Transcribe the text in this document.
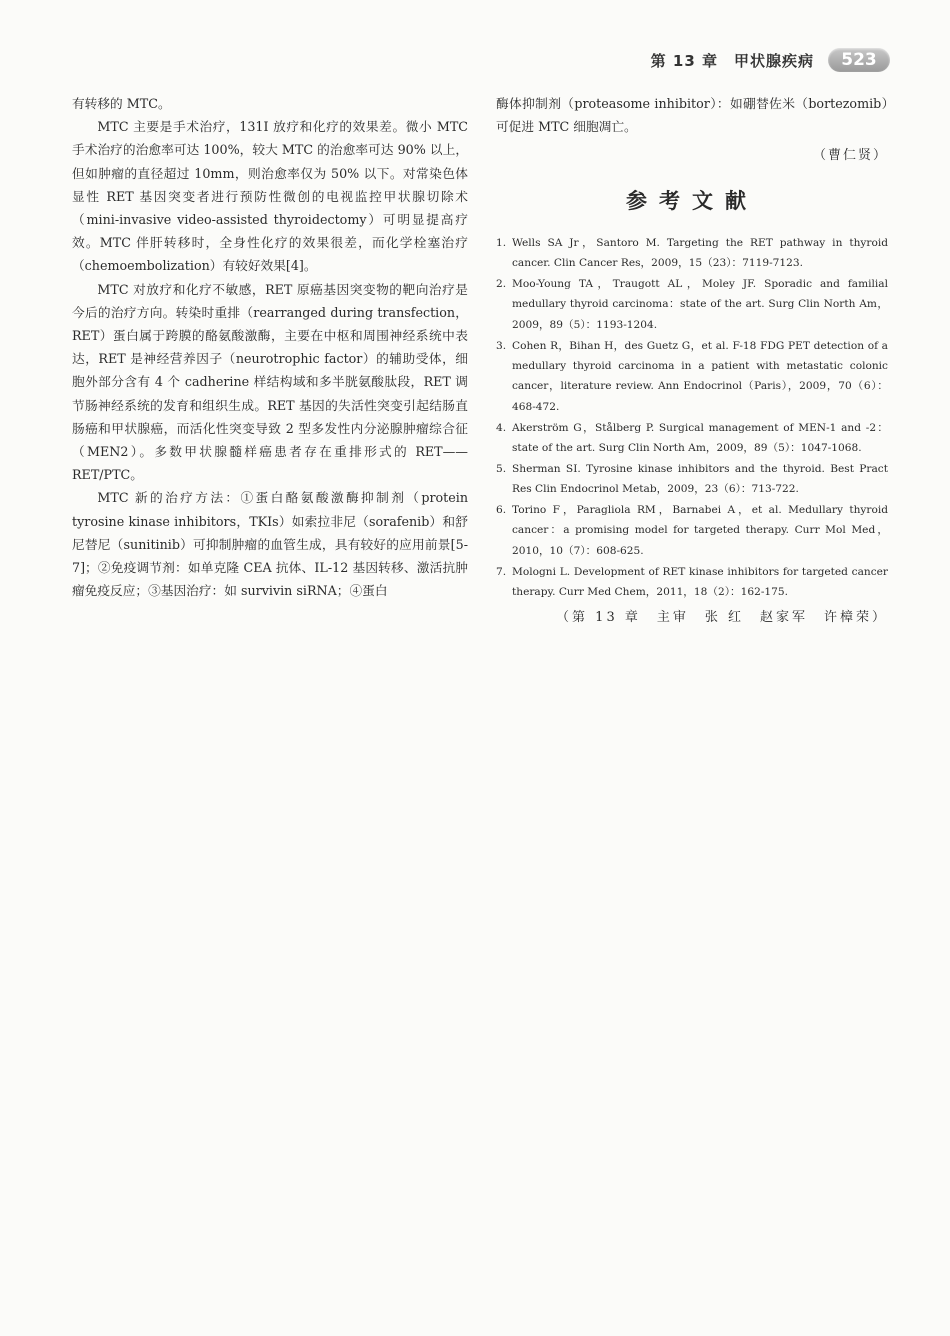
第 13 章　甲状腺疾病	523

有转移的 MTC。

MTC 主要是手术治疗，131I 放疗和化疗的效果差。微小 MTC 手术治疗的治愈率可达 100%，较大 MTC 的治愈率可达 90% 以上，但如肿瘤的直径超过 10mm，则治愈率仅为 50% 以下。对常染色体显性 RET 基因突变者进行预防性微创的电视监控甲状腺切除术（mini-invasive video-assisted thyroidectomy）可明显提高疗效。MTC 伴肝转移时，全身性化疗的效果很差，而化学栓塞治疗（chemoembolization）有较好效果[4]。

MTC 对放疗和化疗不敏感，RET 原癌基因突变物的靶向治疗是今后的治疗方向。转染时重排（rearranged during transfection，RET）蛋白属于跨膜的酪氨酸激酶，主要在中枢和周围神经系统中表达，RET 是神经营养因子（neurotrophic factor）的辅助受体，细胞外部分含有 4 个 cadherine 样结构域和多半胱氨酸肽段，RET 调节肠神经系统的发育和组织生成。RET 基因的失活性突变引起结肠直肠癌和甲状腺癌，而活化性突变导致 2 型多发性内分泌腺肿瘤综合征（MEN2）。多数甲状腺髓样癌患者存在重排形式的 RET——RET/PTC。

MTC 新的治疗方法：①蛋白酪氨酸激酶抑制剂（protein tyrosine kinase inhibitors，TKIs）如索拉非尼（sorafenib）和舒尼替尼（sunitinib）可抑制肿瘤的血管生成，具有较好的应用前景[5-7]；②免疫调节剂：如单克隆 CEA 抗体、IL-12 基因转移、激活抗肿瘤免疫反应；③基因治疗：如 survivin siRNA；④蛋白

酶体抑制剂（proteasome inhibitor）：如硼替佐米（bortezomib）可促进 MTC 细胞凋亡。

（曹仁贤）
参考文献
1. Wells SA Jr，Santoro M. Targeting the RET pathway in thyroid cancer. Clin Cancer Res，2009，15（23）：7119-7123.
2. Moo-Young TA，Traugott AL，Moley JF. Sporadic and familial medullary thyroid carcinoma：state of the art. Surg Clin North Am，2009，89（5）：1193-1204.
3. Cohen R，Bihan H，des Guetz G，et al. F-18 FDG PET detection of a medullary thyroid carcinoma in a patient with metastatic colonic cancer，literature review. Ann Endocrinol（Paris），2009，70（6）：468-472.
4. Akerström G，Stålberg P. Surgical management of MEN-1 and -2：state of the art. Surg Clin North Am，2009，89（5）：1047-1068.
5. Sherman SI. Tyrosine kinase inhibitors and the thyroid. Best Pract Res Clin Endocrinol Metab，2009，23（6）：713-722.
6. Torino F，Paragliola RM，Barnabei A，et al. Medullary thyroid cancer：a promising model for targeted therapy. Curr Mol Med，2010，10（7）：608-625.
7. Mologni L. Development of RET kinase inhibitors for targeted cancer therapy. Curr Med Chem，2011，18（2）：162-175.
（第 13 章　主审　张 红　赵家军　许樟荣）
